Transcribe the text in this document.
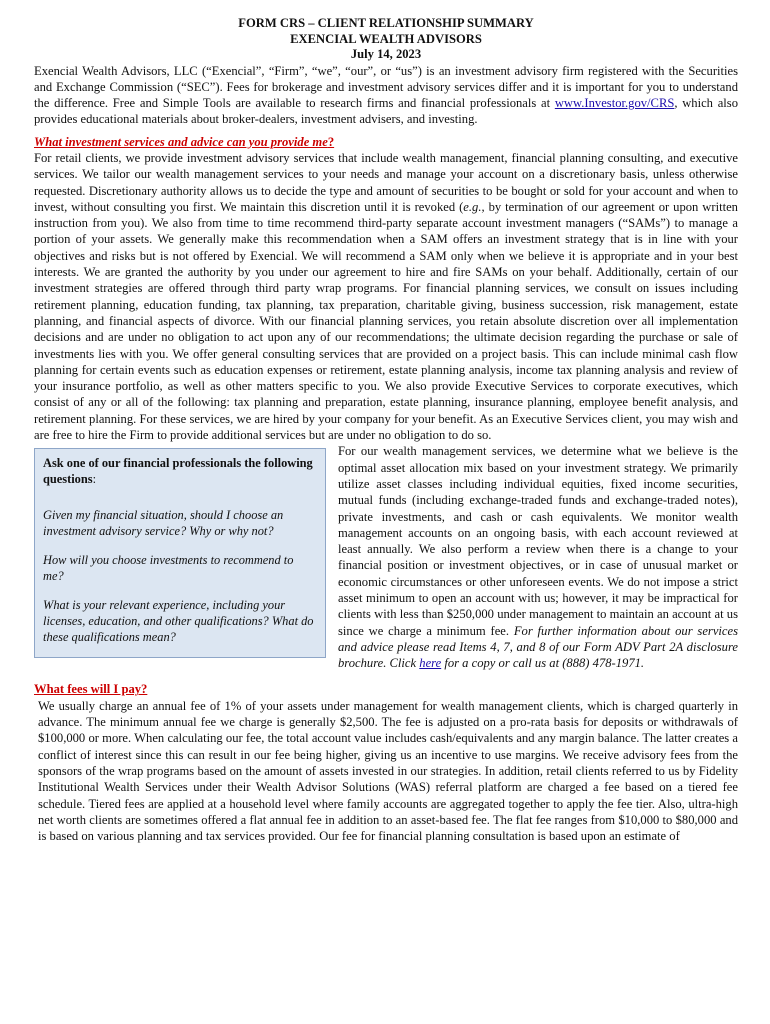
FORM CRS – CLIENT RELATIONSHIP SUMMARY
EXENCIAL WEALTH ADVISORS
July 14, 2023

Exencial Wealth Advisors, LLC (“Exencial”, “Firm”, “we”, “our”, or “us”) is an investment advisory firm registered with the Securities and Exchange Commission (“SEC”). Fees for brokerage and investment advisory services differ and it is important for you to understand the difference. Free and Simple Tools are available to research firms and financial professionals at www.Investor.gov/CRS, which also provides educational materials about broker-dealers, investment advisers, and investing.

What investment services and advice can you provide me?

For retail clients, we provide investment advisory services that include wealth management, financial planning consulting, and executive services. We tailor our wealth management services to your needs and manage your account on a discretionary basis, unless otherwise requested. Discretionary authority allows us to decide the type and amount of securities to be bought or sold for your account and when to invest, without consulting you first. We maintain this discretion until it is revoked (e.g., by termination of our agreement or upon written instruction from you). We also from time to time recommend third-party separate account investment managers (“SAMs”) to manage a portion of your assets. We generally make this recommendation when a SAM offers an investment strategy that is in line with your objectives and risks but is not offered by Exencial. We will recommend a SAM only when we believe it is appropriate and in your best interests. We are granted the authority by you under our agreement to hire and fire SAMs on your behalf. Additionally, certain of our investment strategies are offered through third party wrap programs. For financial planning services, we consult on issues including retirement planning, education funding, tax planning, tax preparation, charitable giving, business succession, risk management, estate planning, and financial aspects of divorce. With our financial planning services, you retain absolute discretion over all implementation decisions and are under no obligation to act upon any of our recommendations; the ultimate decision regarding the purchase or sale of investments lies with you. We offer general consulting services that are provided on a project basis. This can include minimal cash flow planning for certain events such as education expenses or retirement, estate planning analysis, income tax planning analysis and review of your insurance portfolio, as well as other matters specific to you. We also provide Executive Services to corporate executives, which consist of any or all of the following: tax planning and preparation, estate planning, insurance planning, employee benefit analysis, and retirement planning. For these services, we are hired by your company for your benefit. As an Executive Services client, you may wish and are free to hire the Firm to provide additional services but are under no obligation to do so.

Ask one of our financial professionals the following questions:
Given my financial situation, should I choose an investment advisory service? Why or why not?
How will you choose investments to recommend to me?
What is your relevant experience, including your licenses, education, and other qualifications? What do these qualifications mean?

For our wealth management services, we determine what we believe is the optimal asset allocation mix based on your investment strategy. We primarily utilize asset classes including individual equities, fixed income securities, mutual funds (including exchange-traded funds and exchange-traded notes), private investments, and cash or cash equivalents. We monitor wealth management accounts on an ongoing basis, with each account reviewed at least annually. We also perform a review when there is a change to your financial position or investment objectives, or in case of unusual market or economic circumstances or other unforeseen events. We do not impose a strict asset minimum to open an account with us; however, it may be impractical for clients with less than $250,000 under management to maintain an account at us since we charge a minimum fee. For further information about our services and advice please read Items 4, 7, and 8 of our Form ADV Part 2A disclosure brochure. Click here for a copy or call us at (888) 478-1971.

What fees will I pay?

We usually charge an annual fee of 1% of your assets under management for wealth management clients, which is charged quarterly in advance. The minimum annual fee we charge is generally $2,500. The fee is adjusted on a pro-rata basis for deposits or withdrawals of $100,000 or more. When calculating our fee, the total account value includes cash/equivalents and any margin balance. The latter creates a conflict of interest since this can result in our fee being higher, giving us an incentive to use margins. We receive advisory fees from the sponsors of the wrap programs based on the amount of assets invested in our strategies. In addition, retail clients referred to us by Fidelity Institutional Wealth Services under their Wealth Advisor Solutions (WAS) referral platform are charged a fee based on a tiered fee schedule. Tiered fees are applied at a household level where family accounts are aggregated together to apply the fee tier. Also, ultra-high net worth clients are sometimes offered a flat annual fee in addition to an asset-based fee. The flat fee ranges from $10,000 to $80,000 and is based on various planning and tax services provided. Our fee for financial planning consultation is based upon an estimate of
